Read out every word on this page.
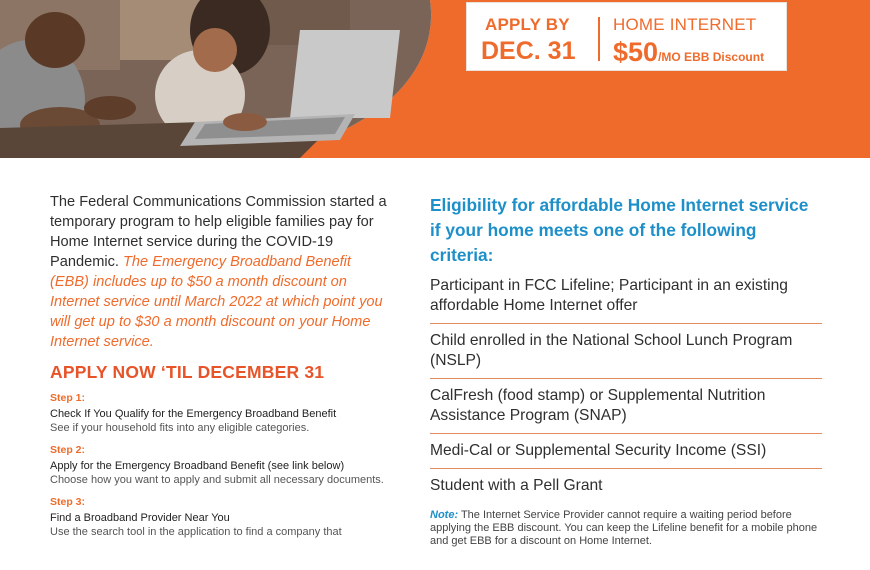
APPLY BY
DEC. 31
HOME INTERNET
$50/MO EBB Discount

The Federal Communications Commission started a temporary program to help eligible families pay for Home Internet service during the COVID-19 Pandemic. The Emergency Broadband Benefit (EBB) includes up to $50 a month discount on Internet service until March 2022 at which point you will get up to $30 a month discount on your Home Internet service.

APPLY NOW ‘TIL DECEMBER 31
Step 1:
Check If You Qualify for the Emergency Broadband Benefit
See if your household fits into any eligible categories.
Step 2:
Apply for the Emergency Broadband Benefit (see link below)
Choose how you want to apply and submit all necessary documents.
Step 3:
Find a Broadband Provider Near You
Use the search tool in the application to find a company that
Eligibility for affordable Home Internet service if your home meets one of the following criteria:
Participant in FCC Lifeline; Participant in an existing affordable Home Internet offer
Child enrolled in the National School Lunch Program (NSLP)
CalFresh (food stamp) or Supplemental Nutrition Assistance Program (SNAP)
Medi-Cal or Supplemental Security Income (SSI)
Student with a Pell Grant

Note: The Internet Service Provider cannot require a waiting period before applying the EBB discount. You can keep the Lifeline benefit for a mobile phone and get EBB for a discount on Home Internet.
